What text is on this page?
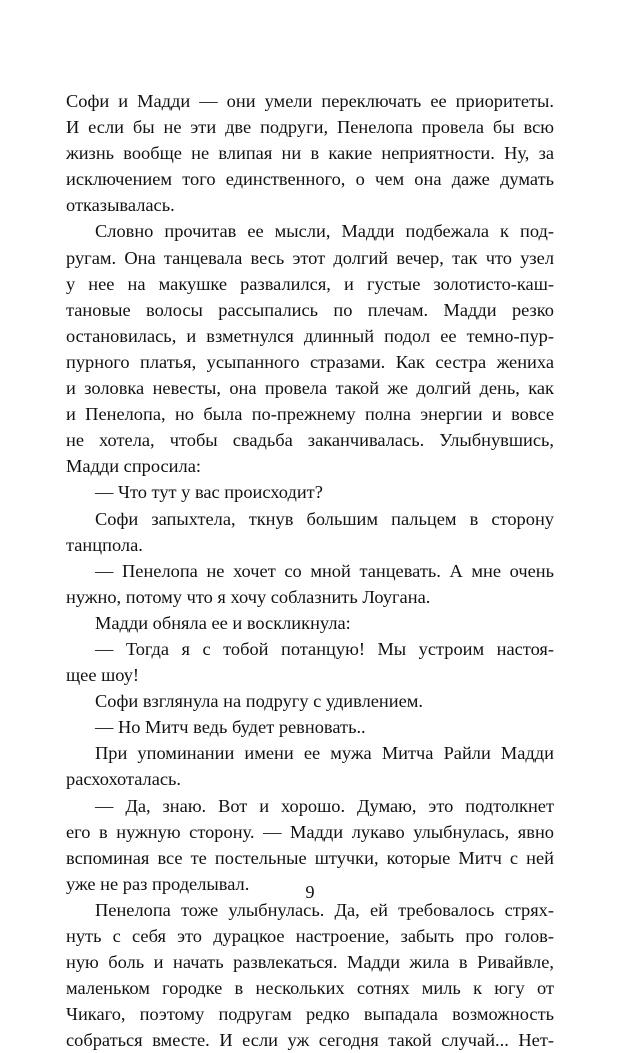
Софи и Мадди — они умели переключать ее приоритеты.
И если бы не эти две подруги, Пенелопа провела бы всю
жизнь вообще не влипая ни в какие неприятности. Ну, за
исключением того единственного, о чем она даже думать
отказывалась.
Словно прочитав ее мысли, Мадди подбежала к под-
ругам. Она танцевала весь этот долгий вечер, так что узел
у нее на макушке развалился, и густые золотисто-каш-
тановые волосы рассыпались по плечам. Мадди резко
остановилась, и взметнулся длинный подол ее темно-пур-
пурного платья, усыпанного стразами. Как сестра жениха
и золовка невесты, она провела такой же долгий день, как
и Пенелопа, но была по-прежнему полна энергии и вовсе
не хотела, чтобы свадьба заканчивалась. Улыбнувшись,
Мадди спросила:
— Что тут у вас происходит?
Софи запыхтела, ткнув большим пальцем в сторону
танцпола.
— Пенелопа не хочет со мной танцевать. А мне очень
нужно, потому что я хочу соблазнить Лоугана.
Мадди обняла ее и воскликнула:
— Тогда я с тобой потанцую! Мы устроим настоя-
щее шоу!
Софи взглянула на подругу с удивлением.
— Но Митч ведь будет ревновать..
При упоминании имени ее мужа Митча Райли Мадди
расхохоталась.
— Да, знаю. Вот и хорошо. Думаю, это подтолкнет
его в нужную сторону. — Мадди лукаво улыбнулась, явно
вспоминая все те постельные штучки, которые Митч с ней
уже не раз проделывал.
Пенелопа тоже улыбнулась. Да, ей требовалось стрях-
нуть с себя это дурацкое настроение, забыть про голов-
ную боль и начать развлекаться. Мадди жила в Ривайвле,
маленьком городке в нескольких сотнях миль к югу от
Чикаго, поэтому подругам редко выпадала возможность
собраться вместе. И если уж сегодня такой случай... Нет-
9
